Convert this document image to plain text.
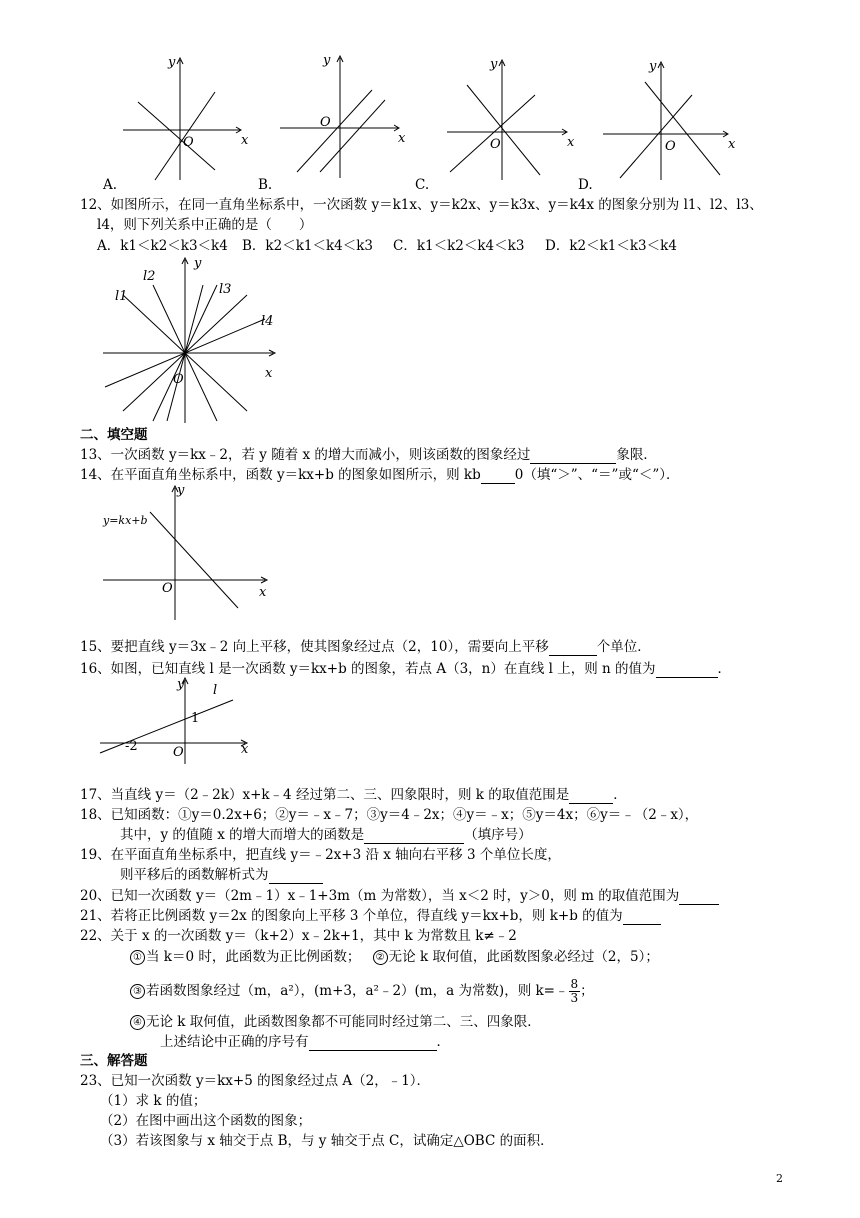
y
x
O
y
x
O
y
x
O
y
x
O
A.	B.	C.	D.
12、如图所示，在同一直角坐标系中，一次函数 y＝k1x、y＝k2x、y＝k3x、y＝k4x 的图象分别为 l1、l2、l3、
l4，则下列关系中正确的是（　　）
A．k1＜k2＜k3＜k4 B．k2＜k1＜k4＜k3 C．k1＜k2＜k4＜k3 D．k2＜k1＜k3＜k4
l1
l2
l3
l4
y
x
O
二、填空题
13、一次函数 y＝kx﹣2，若 y 随着 x 的增大而减小，则该函数的图象经过	象限．
14、在平面直角坐标系中，函数 y＝kx+b 的图象如图所示，则 kb	0（填“＞”、“＝”或“＜”）．
y=kx+b
y
x
O
15、要把直线 y＝3x﹣2 向上平移，使其图象经过点（2，10），需要向上平移	个单位．
16、如图，已知直线 l 是一次函数 y＝kx+b 的图象，若点 A（3，n）在直线 l 上，则 n 的值为	．
y l
1
-2	O	x
17、当直线 y＝（2﹣2k）x+k﹣4 经过第二、三、四象限时，则 k 的取值范围是	．
18、已知函数：①y＝0.2x+6；②y＝﹣x﹣7；③y＝4﹣2x；④y＝﹣x；⑤y＝4x；⑥y＝﹣（2﹣x），
其中，y 的值随 x 的增大而增大的函数是	（填序号）
19、在平面直角坐标系中，把直线 y＝﹣2x+3 沿 x 轴向右平移 3 个单位长度，
则平移后的函数解析式为
20、已知一次函数 y＝（2m﹣1）x﹣1+3m（m 为常数），当 x＜2 时，y＞0，则 m 的取值范围为
21、若将正比例函数 y＝2x 的图象向上平移 3 个单位，得直线 y＝kx+b，则 k+b 的值为
22、关于 x 的一次函数 y＝（k+2）x﹣2k+1，其中 k 为常数且 k≠﹣2
① 当 k＝0 时，此函数为正比例函数； ② 无论 k 取何值，此函数图象必经过（2，5）；
③ 若函数图象经过（m，a²），(m+3，a²﹣2）(m，a 为常数)，则 k=﹣ $\frac{8}{3}$ ；
④ 无论 k 取何值，此函数图象都不可能同时经过第二、三、四象限．
上述结论中正确的序号有	．
三、解答题
23、已知一次函数 y＝kx+5 的图象经过点 A（2，﹣1）．
（1）求 k 的值；
（2）在图中画出这个函数的图象；
（3）若该图象与 x 轴交于点 B，与 y 轴交于点 C，试确定△OBC 的面积．
2
